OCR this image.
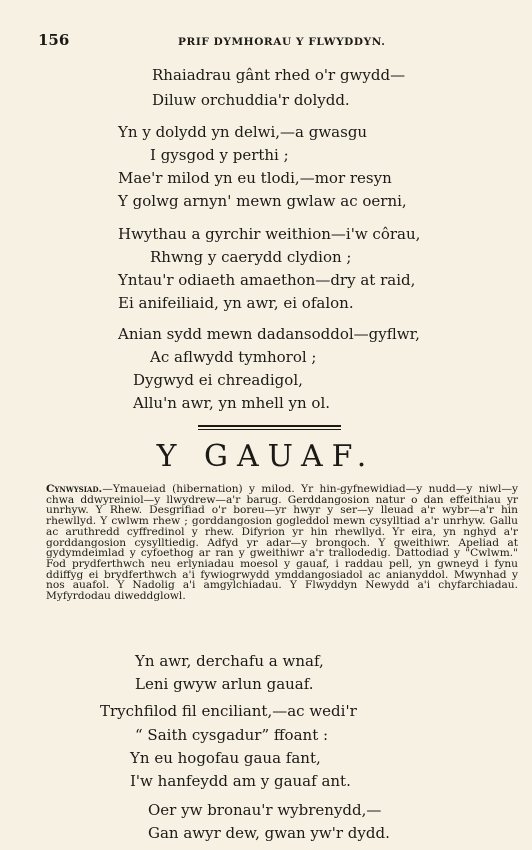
156	PRIF DYMHORAU Y FLWYDDYN.
Rhaiadrau gânt rhed o'r gwydd—
Diluw orchuddia'r dolydd.
Yn y dolydd yn delwi,—a gwasgu
I gysgod y perthi ;
Mae'r milod yn eu tlodi,—mor resyn
Y golwg arnyn' mewn gwlaw ac oerni,
Hwythau a gyrchir weithion—i'w côrau,
Rhwng y caerydd clydion ;
Yntau'r odiaeth amaethon—dry at raid,
Ei anifeiliaid, yn awr, ei ofalon.
Anian sydd mewn dadansoddol—gyflwr,
Ac aflwydd tymhorol ;
Dygwyd ei chreadigol,
Allu'n awr, yn mhell yn ol.
Y GAUAF.
Cynwysiad.—Ymaueiad (hibernation) y milod. Yr hin-gyfnewidiad—y nudd—y niwl—y chwa ddwyreiniol—y llwydrew—a'r barug. Gerddangosion natur o dan effeithiau yr unrhyw. Y Rhew. Desgrifiad o'r boreu—yr hwyr y ser—y lleuad a'r wybr—a'r hin rhewllyd. Y cwlwm rhew ; gorddangosion gogleddol mewn cysylltiad a'r unrhyw. Gallu ac aruthredd cyffredinol y rhew. Difyrion yr hin rhewllyd. Yr eira, yn nghyd a'r gorddangosion cysylltiedig. Adfyd yr adar—y brongoch. Y gweithiwr. Apeliad at gydymdeimlad y cyfoethog ar ran y gweithiwr a'r trallodedig. Dattodiad y "Cwlwm." Fod prydferthwch neu erlyniadau moesol y gauaf, i raddau pell, yn gwneyd i fynu ddiffyg ei brydferthwch a'i fywiogrwydd ymddangosiadol ac anianyddol. Mwynhad y nos auafol. Y Nadolig a'i amgylchiadau. Y Flwyddyn Newydd a'i chyfarchiadau. Myfyrdodau diweddglowl.
Yn awr, derchafu a wnaf,
Leni gwyw arlun gauaf.
Trychfilod fil enciliant,—ac wedi'r
“ Saith cysgadur” ffoant :
Yn eu hogofau gaua fant,
I'w hanfeydd am y gauaf ant.
Oer yw bronau'r wybrenydd,—
Gan awyr dew, gwan yw'r dydd.
